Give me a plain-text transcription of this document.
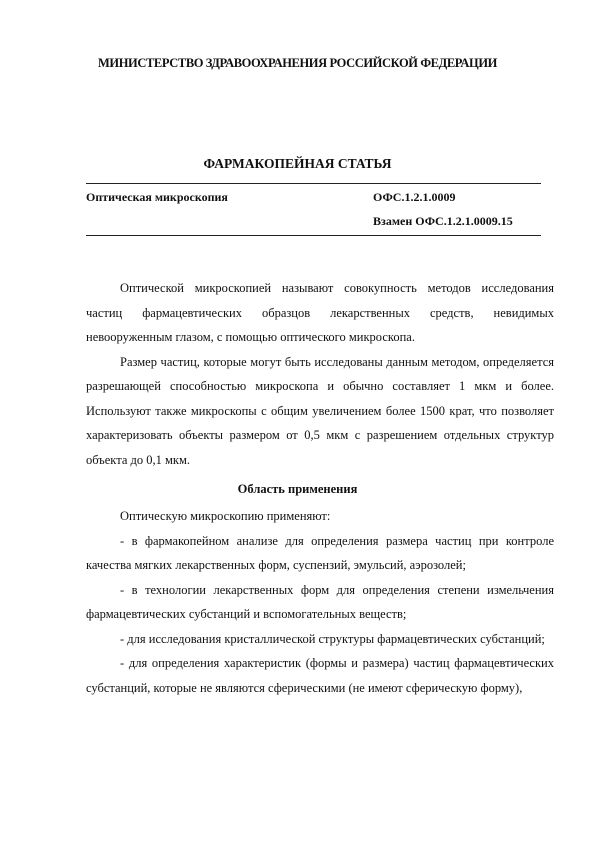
МИНИСТЕРСТВО ЗДРАВООХРАНЕНИЯ РОССИЙСКОЙ ФЕДЕРАЦИИ
ФАРМАКОПЕЙНАЯ СТАТЬЯ
Оптическая микроскопия	ОФС.1.2.1.0009
Взамен ОФС.1.2.1.0009.15

Оптической микроскопией называют совокупность методов исследования частиц фармацевтических образцов лекарственных средств, невидимых невооруженным глазом, с помощью оптического микроскопа.

Размер частиц, которые могут быть исследованы данным методом, определяется разрешающей способностью микроскопа и обычно составляет 1 мкм и более. Используют также микроскопы с общим увеличением более 1500 крат, что позволяет характеризовать объекты размером от 0,5 мкм с разрешением отдельных структур объекта до 0,1 мкм.

Область применения

Оптическую микроскопию применяют:

- в фармакопейном анализе для определения размера частиц при контроле качества мягких лекарственных форм, суспензий, эмульсий, аэрозолей;

- в технологии лекарственных форм для определения степени измельчения фармацевтических субстанций и вспомогательных веществ;

- для исследования кристаллической структуры фармацевтических субстанций;

- для определения характеристик (формы и размера) частиц фармацевтических субстанций, которые не являются сферическими (не имеют сферическую форму),
